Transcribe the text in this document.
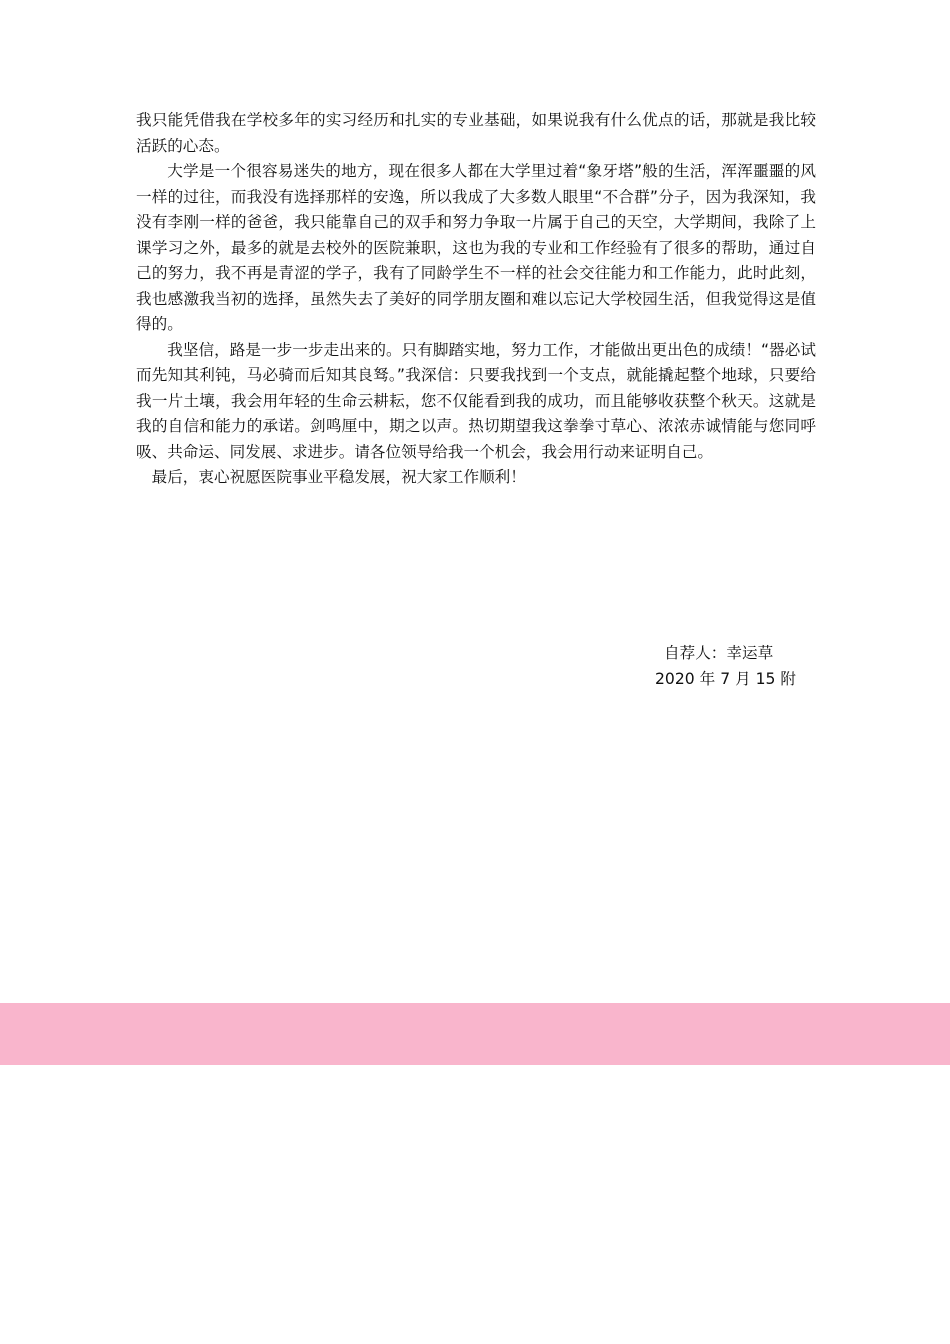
我只能凭借我在学校多年的实习经历和扎实的专业基础，如果说我有什么优点的话，那就是我比较活跃的心态。

大学是一个很容易迷失的地方，现在很多人都在大学里过着“象牙塔”般的生活，浑浑噩噩的风一样的过往，而我没有选择那样的安逸，所以我成了大多数人眼里“不合群”分子，因为我深知，我没有李刚一样的爸爸，我只能靠自己的双手和努力争取一片属于自己的天空，大学期间，我除了上课学习之外，最多的就是去校外的医院兼职，这也为我的专业和工作经验有了很多的帮助，通过自己的努力，我不再是青涩的学子，我有了同龄学生不一样的社会交往能力和工作能力，此时此刻，我也感激我当初的选择，虽然失去了美好的同学朋友圈和难以忘记大学校园生活，但我觉得这是值得的。

我坚信，路是一步一步走出来的。只有脚踏实地，努力工作，才能做出更出色的成绩！“器必试而先知其利钝，马必骑而后知其良驽。”我深信：只要我找到一个支点，就能撬起整个地球，只要给我一片土壤，我会用年轻的生命云耕耘，您不仅能看到我的成功，而且能够收获整个秋天。这就是我的自信和能力的承诺。剑鸣厘中，期之以声。热切期望我这拳拳寸草心、浓浓赤诚情能与您同呼吸、共命运、同发展、求进步。请各位领导给我一个机会，我会用行动来证明自己。

最后，衷心祝愿医院事业平稳发展，祝大家工作顺利！

自荐人：幸运草
2020 年 7 月 15 附
